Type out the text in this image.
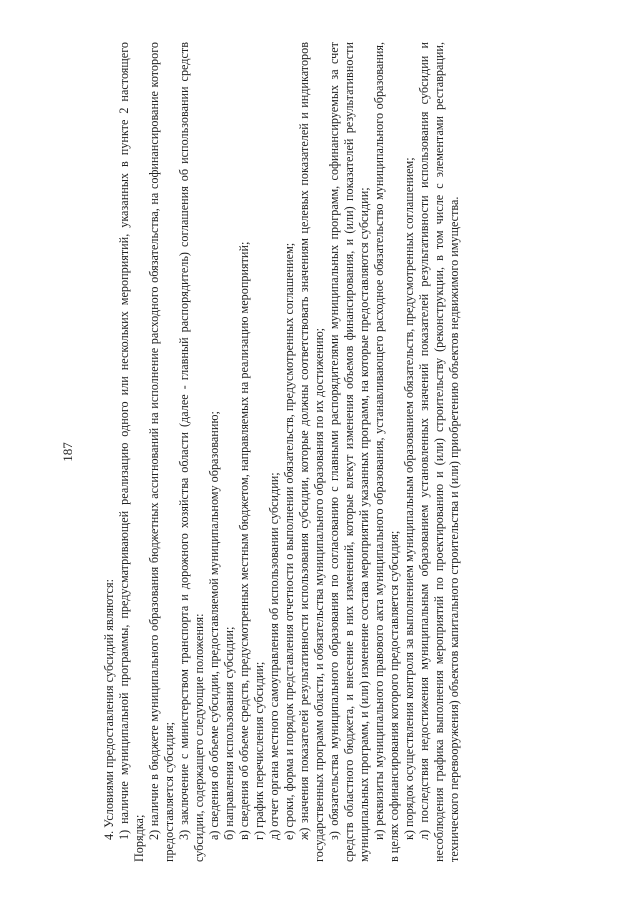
187

4. Условиями предоставления субсидий являются: 1) наличие муниципальной программы, предусматривающей реализацию одного или нескольких мероприятий, указанных в пункте 2 настоящего Порядка; 2) наличие в бюджете муниципального образования бюджетных ассигнований на исполнение расходного обязательства, на софинансирование которого предоставляется субсидия; 3) заключение с министерством транспорта и дорожного хозяйства области (далее - главный распорядитель) соглашения об использовании средств субсидии, содержащего следующие положения: а) сведения об объеме субсидии, предоставляемой муниципальному образованию; б) направления использования субсидии; в) сведения об объеме средств, предусмотренных местным бюджетом, направляемых на реализацию мероприятий; г) график перечисления субсидии; д) отчет органа местного самоуправления об использовании субсидии; е) сроки, форма и порядок представления отчетности о выполнении обязательств, предусмотренных соглашением; ж) значения показателей результативности использования субсидии, которые должны соответствовать значениям целевых показателей и индикаторов государственных программ области, и обязательства муниципального образования по их достижению; з) обязательства муниципального образования по согласованию с главными распорядителями муниципальных программ, софинансируемых за счет средств областного бюджета, и внесение в них изменений, которые влекут изменения объемов финансирования, и (или) показателей результативности муниципальных программ, и (или) изменение состава мероприятий указанных программ, на которые предоставляются субсидии; и) реквизиты муниципального правового акта муниципального образования, устанавливающего расходное обязательство муниципального образования, в целях софинансирования которого предоставляется субсидия; к) порядок осуществления контроля за выполнением муниципальным образованием обязательств, предусмотренных соглашением; л) последствия недостижения муниципальным образованием установленных значений показателей результативности использования субсидии и несоблюдения графика выполнения мероприятий по проектированию и (или) строительству (реконструкции, в том числе с элементами реставрации, технического перевооружения) объектов капитального строительства и (или) приобретению объектов недвижимого имущества.
